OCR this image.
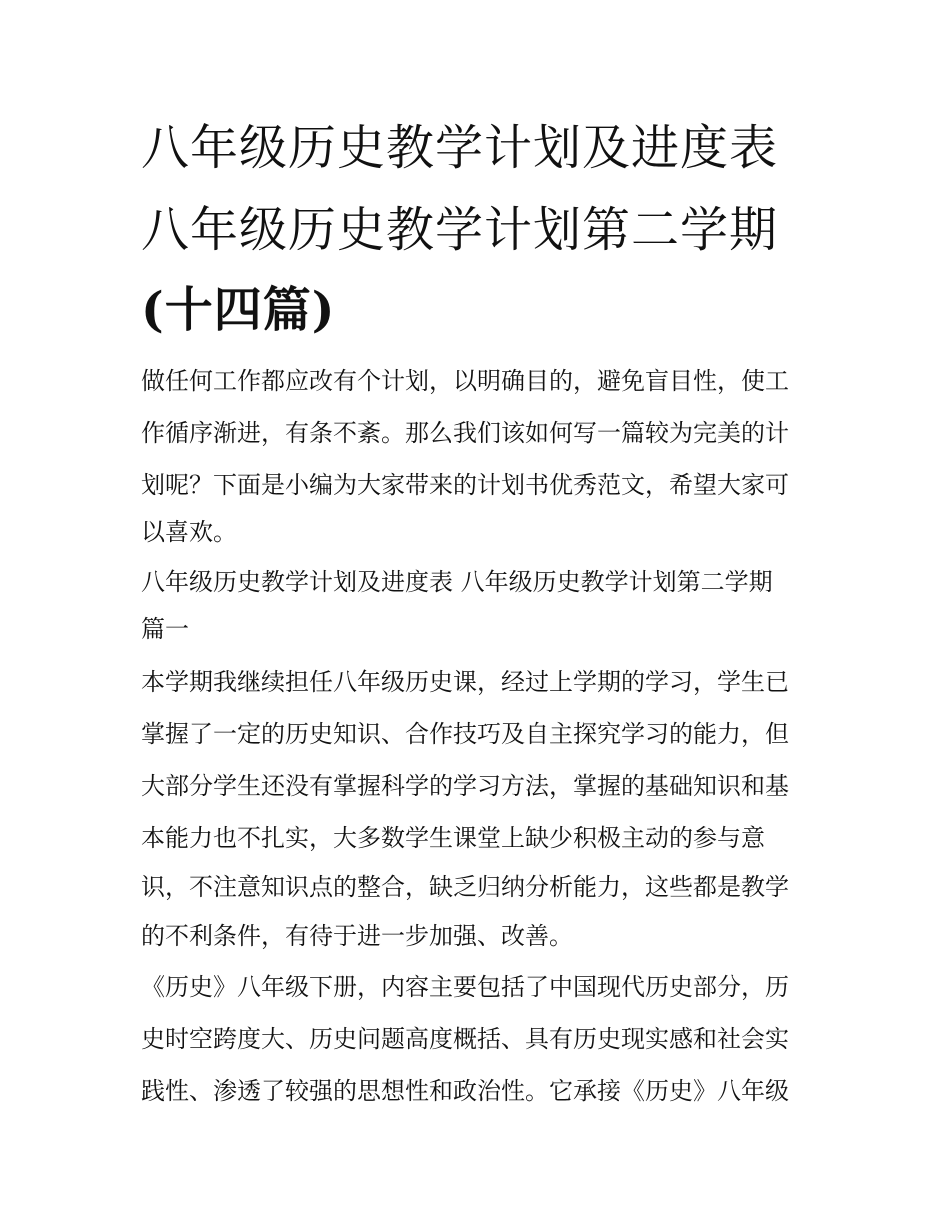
八年级历史教学计划及进度表
八年级历史教学计划第二学期
(十四篇)
做任何工作都应改有个计划，以明确目的，避免盲目性，使工
作循序渐进，有条不紊。那么我们该如何写一篇较为完美的计
划呢？下面是小编为大家带来的计划书优秀范文，希望大家可
以喜欢。
八年级历史教学计划及进度表 八年级历史教学计划第二学期
篇一
本学期我继续担任八年级历史课，经过上学期的学习，学生已
掌握了一定的历史知识、合作技巧及自主探究学习的能力，但
大部分学生还没有掌握科学的学习方法，掌握的基础知识和基
本能力也不扎实，大多数学生课堂上缺少积极主动的参与意
识，不注意知识点的整合，缺乏归纳分析能力，这些都是教学
的不利条件，有待于进一步加强、改善。
《历史》八年级下册，内容主要包括了中国现代历史部分，历
史时空跨度大、历史问题高度概括、具有历史现实感和社会实
践性、渗透了较强的思想性和政治性。它承接《历史》八年级
